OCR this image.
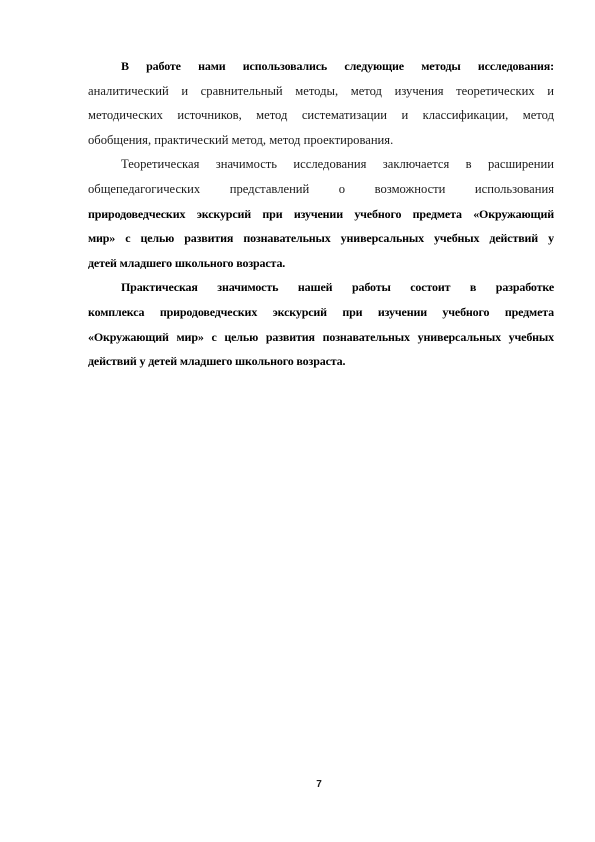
В работе нами использовались следующие методы исследования:
аналитический и сравнительный методы, метод изучения теоретических и
методических источников, метод систематизации и классификации, метод
обобщения, практический метод, метод проектирования.
Теоретическая значимость исследования заключается в расширении
общепедагогических представлений о возможности использования
природоведческих экскурсий при изучении учебного предмета «Окружающий
мир» с целью развития познавательных универсальных учебных действий у
детей младшего школьного возраста.
Практическая значимость нашей работы состоит в разработке
комплекса природоведческих экскурсий при изучении учебного предмета
«Окружающий мир» с целью развития познавательных универсальных учебных
действий у детей младшего школьного возраста.
7
